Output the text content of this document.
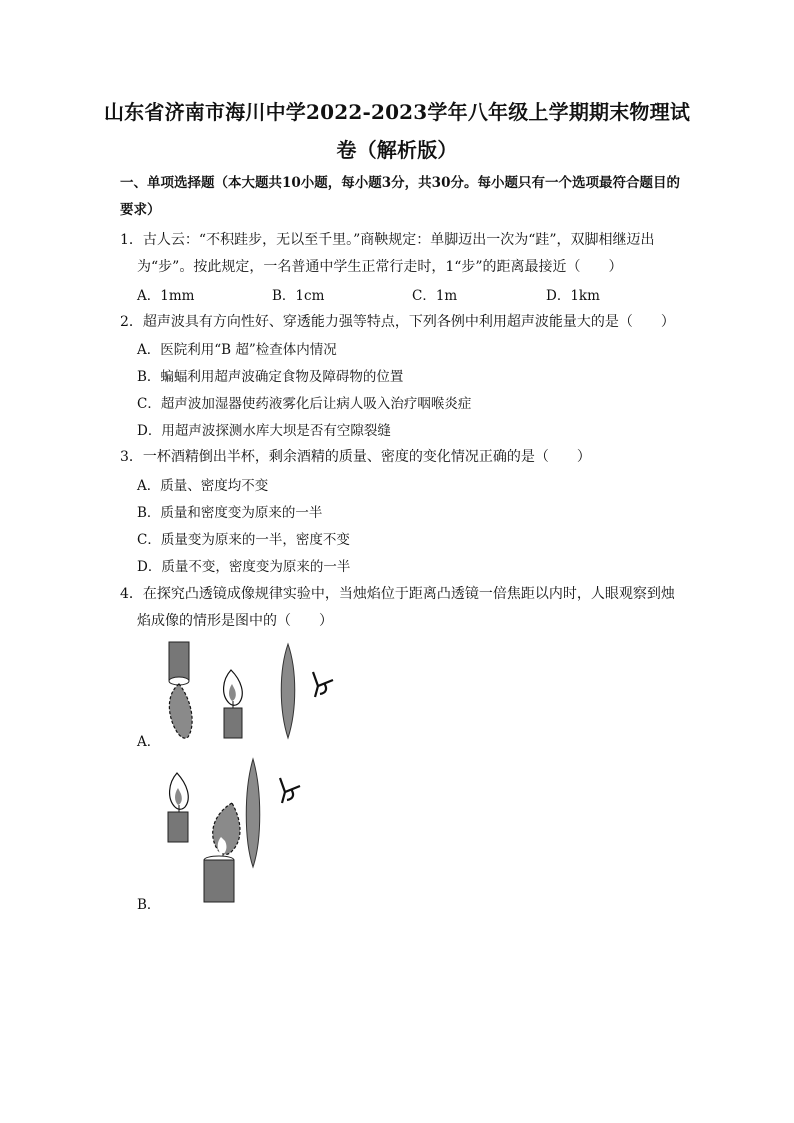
山东省济南市海川中学2022-2023学年八年级上学期期末物理试
卷（解析版）
一、单项选择题（本大题共10小题，每小题3分，共30分。每小题只有一个选项最符合题目的要求）
1．古人云：“不积跬步，无以至千里。”商鞅规定：单脚迈出一次为“跬”，双脚相继迈出
为“步”。按此规定，一名普通中学生正常行走时，1“步”的距离最接近（　　）
A．1mm	B．1cm	C．1m	D．1km
2．超声波具有方向性好、穿透能力强等特点，下列各例中利用超声波能量大的是（　　）
A．医院利用“B 超”检查体内情况
B．蝙蝠利用超声波确定食物及障碍物的位置
C．超声波加湿器使药液雾化后让病人吸入治疗咽喉炎症
D．用超声波探测水库大坝是否有空隙裂缝
3．一杯酒精倒出半杯，剩余酒精的质量、密度的变化情况正确的是（　　）
A．质量、密度均不变
B．质量和密度变为原来的一半
C．质量变为原来的一半，密度不变
D．质量不变，密度变为原来的一半
4．在探究凸透镜成像规律实验中，当烛焰位于距离凸透镜一倍焦距以内时，人眼观察到烛
焰成像的情形是图中的（　　）
A．
B．
